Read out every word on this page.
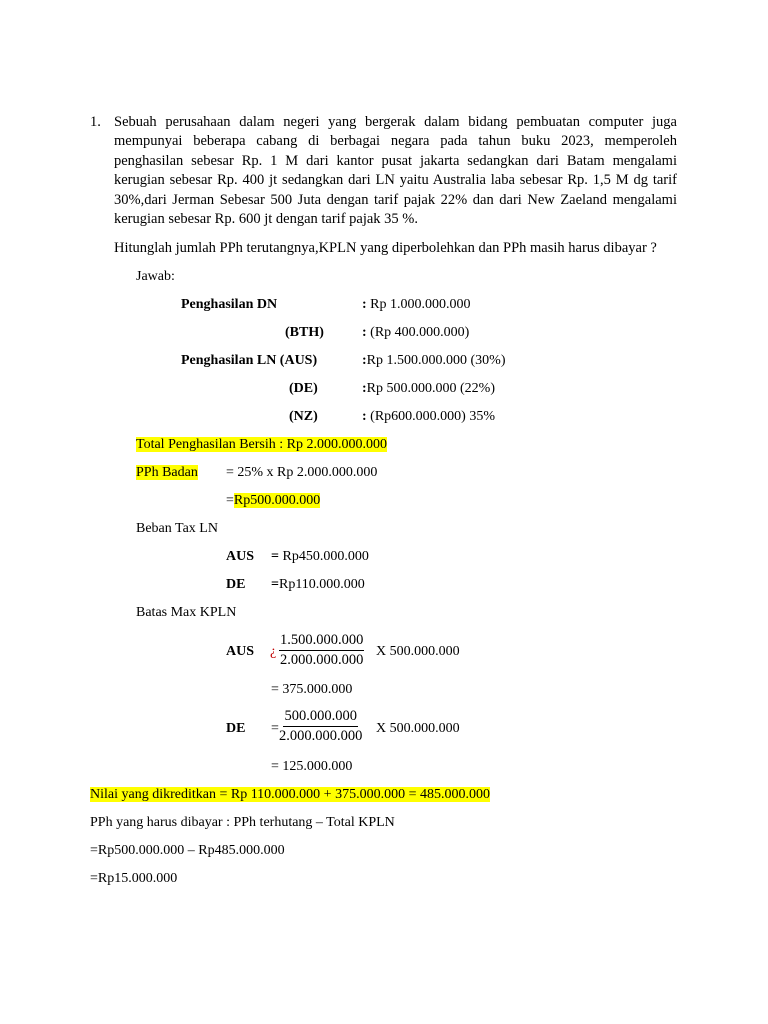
1. Sebuah perusahaan dalam negeri yang bergerak dalam bidang pembuatan computer juga mempunyai beberapa cabang di berbagai negara pada tahun buku 2023, memperoleh penghasilan sebesar Rp. 1 M dari kantor pusat jakarta sedangkan dari Batam mengalami kerugian sebesar Rp. 400 jt sedangkan dari LN yaitu Australia laba sebesar Rp. 1,5 M dg tarif 30%,dari Jerman Sebesar 500 Juta dengan tarif pajak 22% dan dari New Zaeland mengalami kerugian sebesar Rp. 600 jt dengan tarif pajak 35 %.
Hitunglah jumlah PPh terutangnya,KPLN yang diperbolehkan dan PPh masih harus dibayar ?
Jawab:
Penghasilan DN	: Rp 1.000.000.000
(BTH)	: (Rp 400.000.000)
Penghasilan LN (AUS)	:Rp 1.500.000.000 (30%)
(DE)	:Rp 500.000.000 (22%)
(NZ)	: (Rp600.000.000) 35%
Total Penghasilan Bersih : Rp 2.000.000.000
PPh Badan = 25% x Rp 2.000.000.000
=Rp500.000.000
Beban Tax LN
AUS = Rp450.000.000
DE =Rp110.000.000
Batas Max KPLN
AUS ¿ $\frac{1.500.000.000}{2.000.000.000}$ X 500.000.000
= 375.000.000
DE = $\frac{500.000.000}{2.000.000.000}$ X 500.000.000
= 125.000.000
Nilai yang dikreditkan = Rp 110.000.000 + 375.000.000 = 485.000.000
PPh yang harus dibayar : PPh terhutang – Total KPLN
=Rp500.000.000 – Rp485.000.000
=Rp15.000.000
